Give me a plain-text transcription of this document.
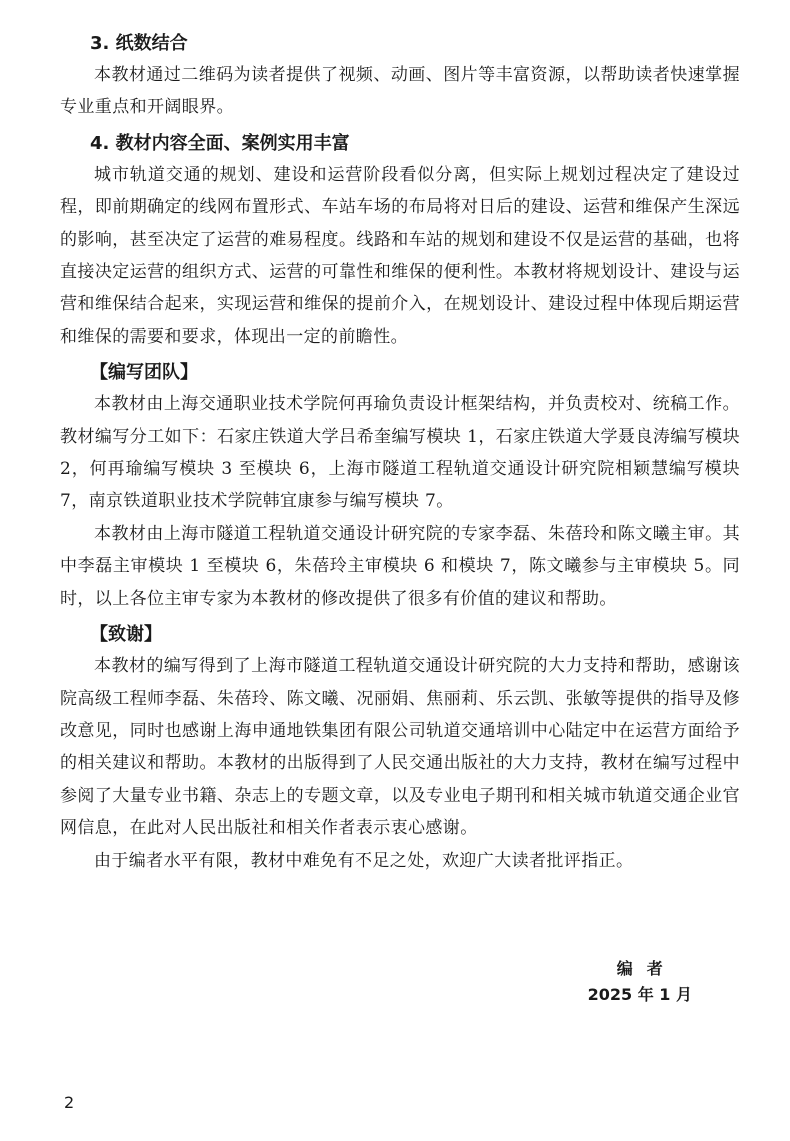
3. 纸数结合

本教材通过二维码为读者提供了视频、动画、图片等丰富资源，以帮助读者快速掌握专业重点和开阔眼界。

4. 教材内容全面、案例实用丰富

城市轨道交通的规划、建设和运营阶段看似分离，但实际上规划过程决定了建设过程，即前期确定的线网布置形式、车站车场的布局将对日后的建设、运营和维保产生深远的影响，甚至决定了运营的难易程度。线路和车站的规划和建设不仅是运营的基础，也将直接决定运营的组织方式、运营的可靠性和维保的便利性。本教材将规划设计、建设与运营和维保结合起来，实现运营和维保的提前介入，在规划设计、建设过程中体现后期运营和维保的需要和要求，体现出一定的前瞻性。

【编写团队】

本教材由上海交通职业技术学院何再瑜负责设计框架结构，并负责校对、统稿工作。教材编写分工如下：石家庄铁道大学吕希奎编写模块 1，石家庄铁道大学聂良涛编写模块 2，何再瑜编写模块 3 至模块 6，上海市隧道工程轨道交通设计研究院相颖慧编写模块 7，南京铁道职业技术学院韩宜康参与编写模块 7。

本教材由上海市隧道工程轨道交通设计研究院的专家李磊、朱蓓玲和陈文曦主审。其中李磊主审模块 1 至模块 6，朱蓓玲主审模块 6 和模块 7，陈文曦参与主审模块 5。同时，以上各位主审专家为本教材的修改提供了很多有价值的建议和帮助。

【致谢】

本教材的编写得到了上海市隧道工程轨道交通设计研究院的大力支持和帮助，感谢该院高级工程师李磊、朱蓓玲、陈文曦、况丽娟、焦丽莉、乐云凯、张敏等提供的指导及修改意见，同时也感谢上海申通地铁集团有限公司轨道交通培训中心陆定中在运营方面给予的相关建议和帮助。本教材的出版得到了人民交通出版社的大力支持，教材在编写过程中参阅了大量专业书籍、杂志上的专题文章，以及专业电子期刊和相关城市轨道交通企业官网信息，在此对人民出版社和相关作者表示衷心感谢。

由于编者水平有限，教材中难免有不足之处，欢迎广大读者批评指正。

编者
2025 年 1 月
2
